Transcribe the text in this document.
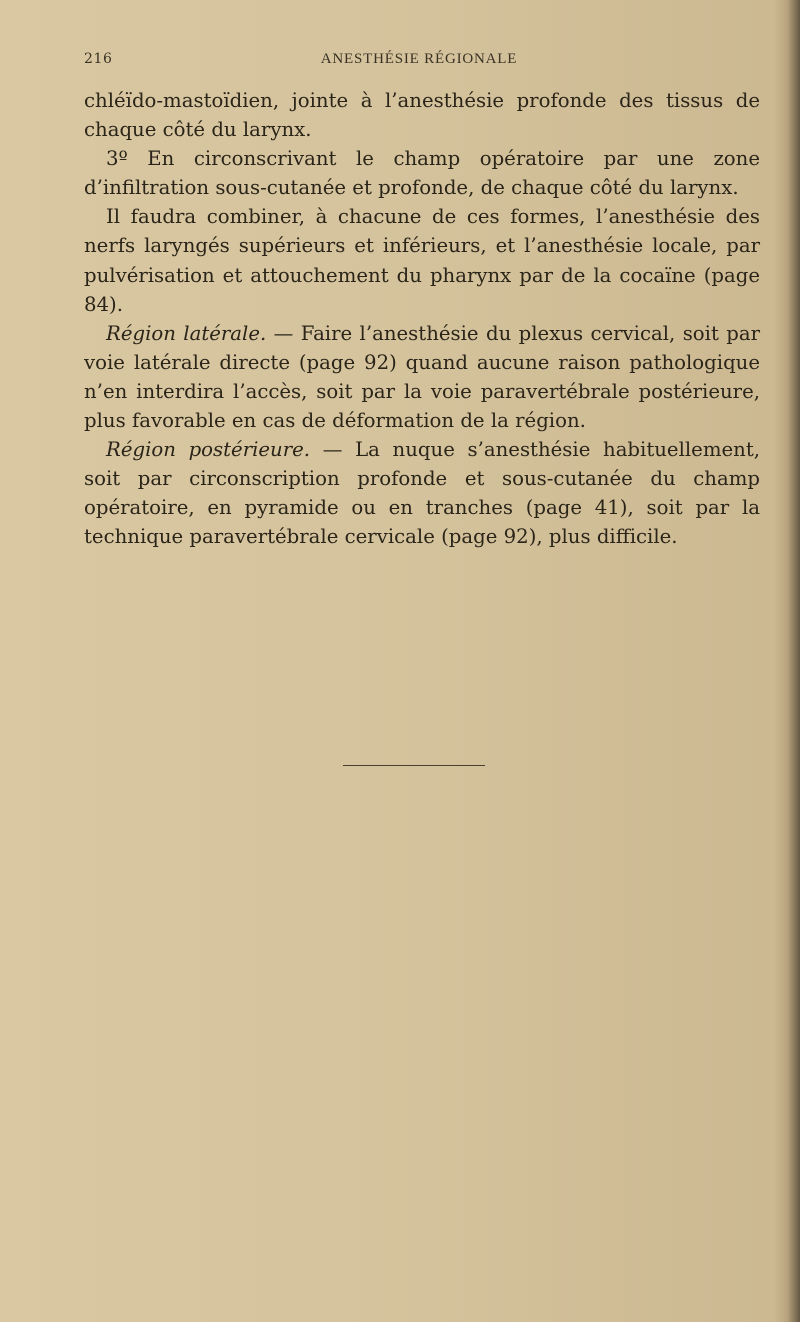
216	ANESTHÉSIE RÉGIONALE

chléïdo-mastoïdien, jointe à l’anesthésie profonde des tissus de chaque côté du larynx.

3º En circonscrivant le champ opératoire par une zone d’infiltration sous-cutanée et profonde, de chaque côté du larynx.

Il faudra combiner, à chacune de ces formes, l’anesthésie des nerfs laryngés supérieurs et inférieurs, et l’anesthésie locale, par pulvérisation et attouchement du pharynx par de la cocaïne (page 84).

Région latérale. — Faire l’anesthésie du plexus cervical, soit par voie latérale directe (page 92) quand aucune raison pathologique n’en interdira l’accès, soit par la voie paravertébrale postérieure, plus favorable en cas de déformation de la région.

Région postérieure. — La nuque s’anesthésie habituellement, soit par circonscription profonde et sous-cutanée du champ opératoire, en pyramide ou en tranches (page 41), soit par la technique paravertébrale cervicale (page 92), plus difficile.
